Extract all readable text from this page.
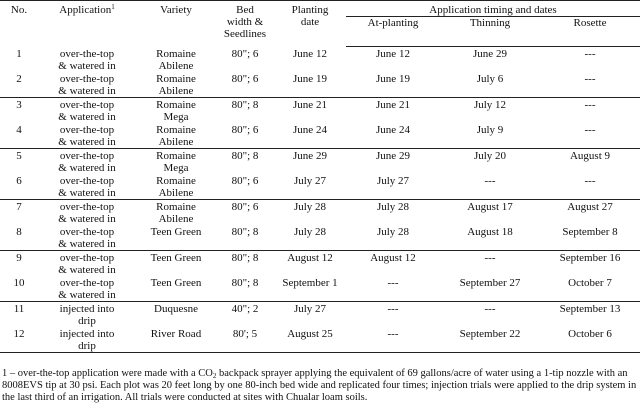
No.	Application$^1$	Variety	Bed
width &
Seedlines	Planting
date	Application timing and dates		
					At-planting	Thinning	Rosette
1	over-the-top
& watered in	Romaine
Abilene	80"; 6	June 12	June 12	June 29	---
2	over-the-top
& watered in	Romaine
Abilene	80"; 6	June 19	June 19	July 6	---
3	over-the-top
& watered in	Romaine
Mega	80"; 8	June 21	June 21	July 12	---
4	over-the-top
& watered in	Romaine
Abilene	80"; 6	June 24	June 24	July 9	---
5	over-the-top
& watered in	Romaine
Mega	80"; 8	June 29	June 29	July 20	August 9
6	over-the-top
& watered in	Romaine
Abilene	80"; 6	July 27	July 27	---	---
7	over-the-top
& watered in	Romaine
Abilene	80"; 6	July 28	July 28	August 17	August 27
8	over-the-top
& watered in	Teen Green	80"; 8	July 28	July 28	August 18	September 8
9	over-the-top
& watered in	Teen Green	80"; 8	August 12	August 12	---	September 16
10	over-the-top
& watered in	Teen Green	80"; 8	September 1	---	September 27	October 7
11	injected into
drip	Duquesne	40"; 2	July 27	---	---	September 13
12	injected into
drip	River Road	80'; 5	August 25	---	September 22	October 6

1 – over-the-top application were made with a $CO_2$ backpack sprayer applying the equivalent of 69 gallons/acre of water using a 1-tip nozzle with an 8008EVS tip at 30 psi. Each plot was 20 feet long by one 80-inch bed wide and replicated four times; injection trials were applied to the drip system in the last third of an irrigation. All trials were conducted at sites with Chualar loam soils.
